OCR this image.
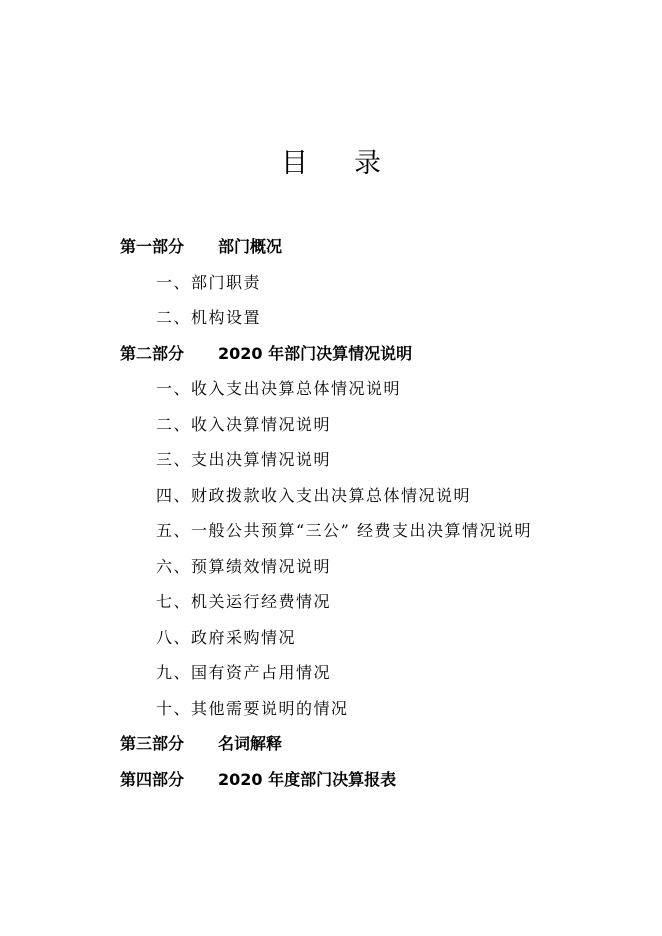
目 录
第一部分 部门概况
一、部门职责
二、机构设置
第二部分 2020 年部门决算情况说明
一、收入支出决算总体情况说明
二、收入决算情况说明
三、支出决算情况说明
四、财政拨款收入支出决算总体情况说明
五、一般公共预算“三公” 经费支出决算情况说明
六、预算绩效情况说明
七、机关运行经费情况
八、政府采购情况
九、国有资产占用情况
十、其他需要说明的情况
第三部分 名词解释
第四部分 2020 年度部门决算报表
